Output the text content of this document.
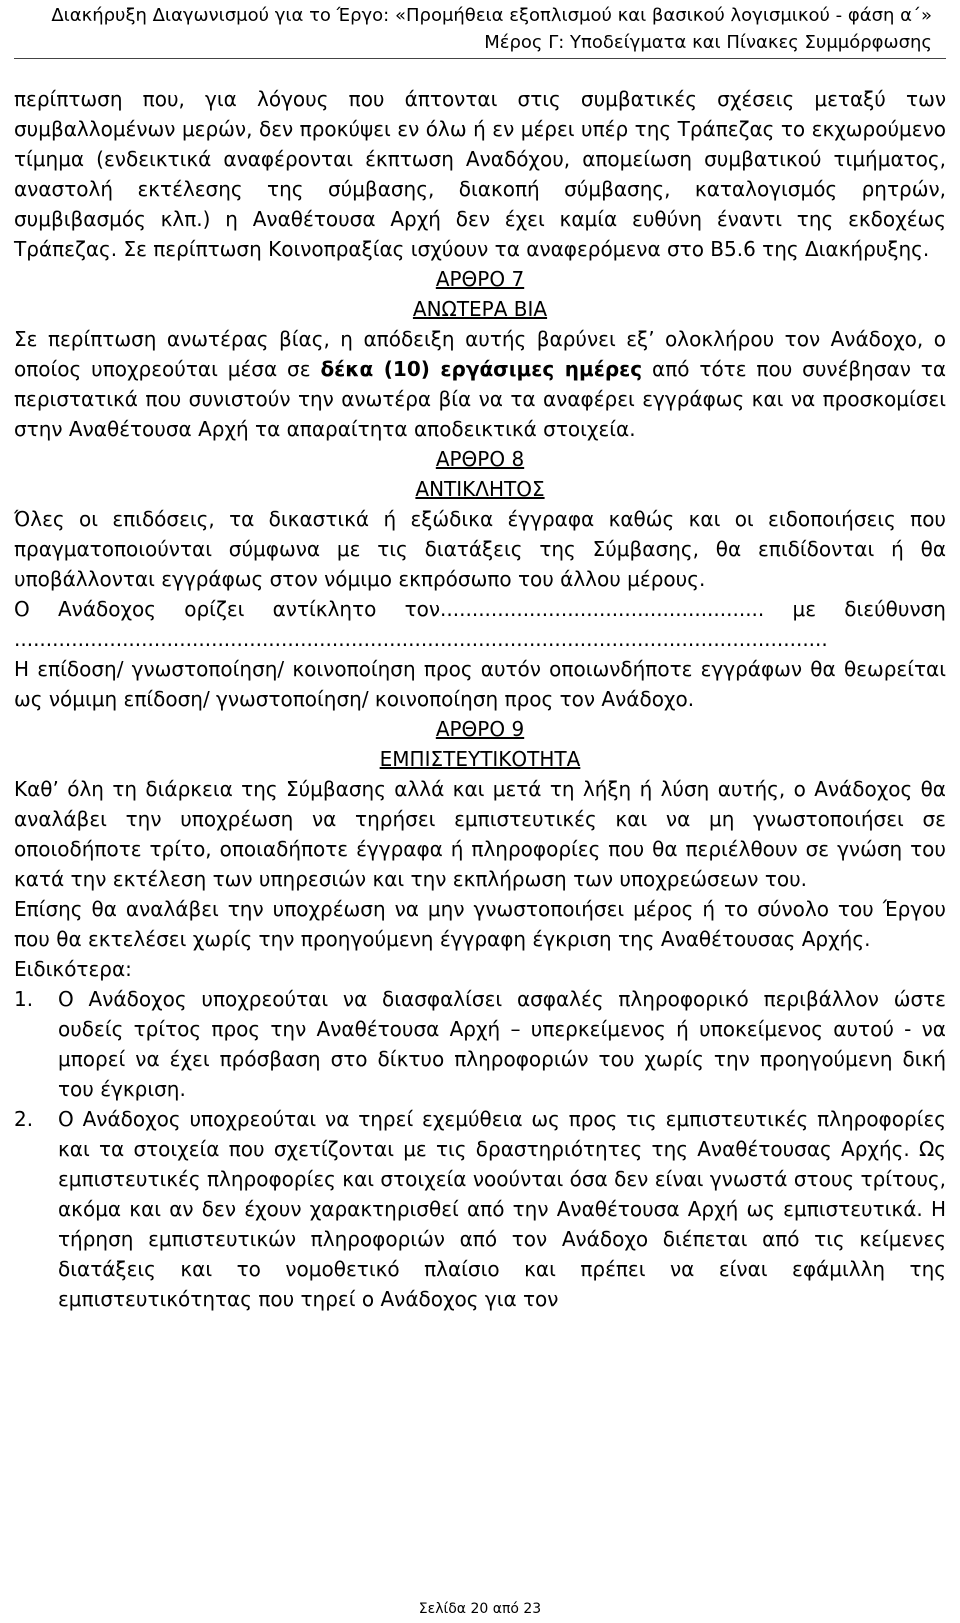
Διακήρυξη Διαγωνισμού για το Έργο: «Προμήθεια εξοπλισμού και βασικού λογισμικού - φάση α΄»
Μέρος Γ: Υποδείγματα και Πίνακες Συμμόρφωσης

περίπτωση που, για λόγους που άπτονται στις συμβατικές σχέσεις μεταξύ των συμβαλλομένων μερών, δεν προκύψει εν όλω ή εν μέρει υπέρ της Τράπεζας το εκχωρούμενο τίμημα (ενδεικτικά αναφέρονται έκπτωση Αναδόχου, απομείωση συμβατικού τιμήματος, αναστολή εκτέλεσης της σύμβασης, διακοπή σύμβασης, καταλογισμός ρητρών, συμβιβασμός κλπ.) η Αναθέτουσα Αρχή δεν έχει καμία ευθύνη έναντι της εκδοχέως Τράπεζας. Σε περίπτωση Κοινοπραξίας ισχύουν τα αναφερόμενα στο Β5.6 της Διακήρυξης.

ΑΡΘΡΟ 7

ΑΝΩΤΕΡΑ ΒΙΑ

Σε περίπτωση ανωτέρας βίας, η απόδειξη αυτής βαρύνει εξ’ ολοκλήρου τον Ανάδοχο, ο οποίος υποχρεούται μέσα σε δέκα (10) εργάσιμες ημέρες από τότε που συνέβησαν τα περιστατικά που συνιστούν την ανωτέρα βία να τα αναφέρει εγγράφως και να προσκομίσει στην Αναθέτουσα Αρχή τα απαραίτητα αποδεικτικά στοιχεία.

ΑΡΘΡΟ 8

ΑΝΤΙΚΛΗΤΟΣ

Όλες οι επιδόσεις, τα δικαστικά ή εξώδικα έγγραφα καθώς και οι ειδοποιήσεις που πραγματοποιούνται σύμφωνα με τις διατάξεις της Σύμβασης, θα επιδίδονται ή θα υποβάλλονται εγγράφως στον νόμιμο εκπρόσωπο του άλλου μέρους.

Ο Ανάδοχος ορίζει αντίκλητο τον................................................... με διεύθυνση

................................................................................................................................

Η επίδοση/ γνωστοποίηση/ κοινοποίηση προς αυτόν οποιωνδήποτε εγγράφων θα θεωρείται ως νόμιμη επίδοση/ γνωστοποίηση/ κοινοποίηση προς τον Ανάδοχο.

ΑΡΘΡΟ 9

ΕΜΠΙΣΤΕΥΤΙΚΟΤΗΤΑ

Καθ’ όλη τη διάρκεια της Σύμβασης αλλά και μετά τη λήξη ή λύση αυτής, ο Ανάδοχος θα αναλάβει την υποχρέωση να τηρήσει εμπιστευτικές και να μη γνωστοποιήσει σε οποιοδήποτε τρίτο, οποιαδήποτε έγγραφα ή πληροφορίες που θα περιέλθουν σε γνώση του κατά την εκτέλεση των υπηρεσιών και την εκπλήρωση των υποχρεώσεων του.

Επίσης θα αναλάβει την υποχρέωση να μην γνωστοποιήσει μέρος ή το σύνολο του Έργου που θα εκτελέσει χωρίς την προηγούμενη έγγραφη έγκριση της Αναθέτουσας Αρχής.

Ειδικότερα:

1.	Ο Ανάδοχος υποχρεούται να διασφαλίσει ασφαλές πληροφορικό περιβάλλον ώστε ουδείς τρίτος προς την Αναθέτουσα Αρχή – υπερκείμενος ή υποκείμενος αυτού - να μπορεί να έχει πρόσβαση στο δίκτυο πληροφοριών του χωρίς την προηγούμενη δική του έγκριση.
2.	Ο Ανάδοχος υποχρεούται να τηρεί εχεμύθεια ως προς τις εμπιστευτικές πληροφορίες και τα στοιχεία που σχετίζονται με τις δραστηριότητες της Αναθέτουσας Αρχής. Ως εμπιστευτικές πληροφορίες και στοιχεία νοούνται όσα δεν είναι γνωστά στους τρίτους, ακόμα και αν δεν έχουν χαρακτηρισθεί από την Αναθέτουσα Αρχή ως εμπιστευτικά. Η τήρηση εμπιστευτικών πληροφοριών από τον Ανάδοχο διέπεται από τις κείμενες διατάξεις και το νομοθετικό πλαίσιο και πρέπει να είναι εφάμιλλη της εμπιστευτικότητας που τηρεί ο Ανάδοχος για τον
Σελίδα 20 από 23
